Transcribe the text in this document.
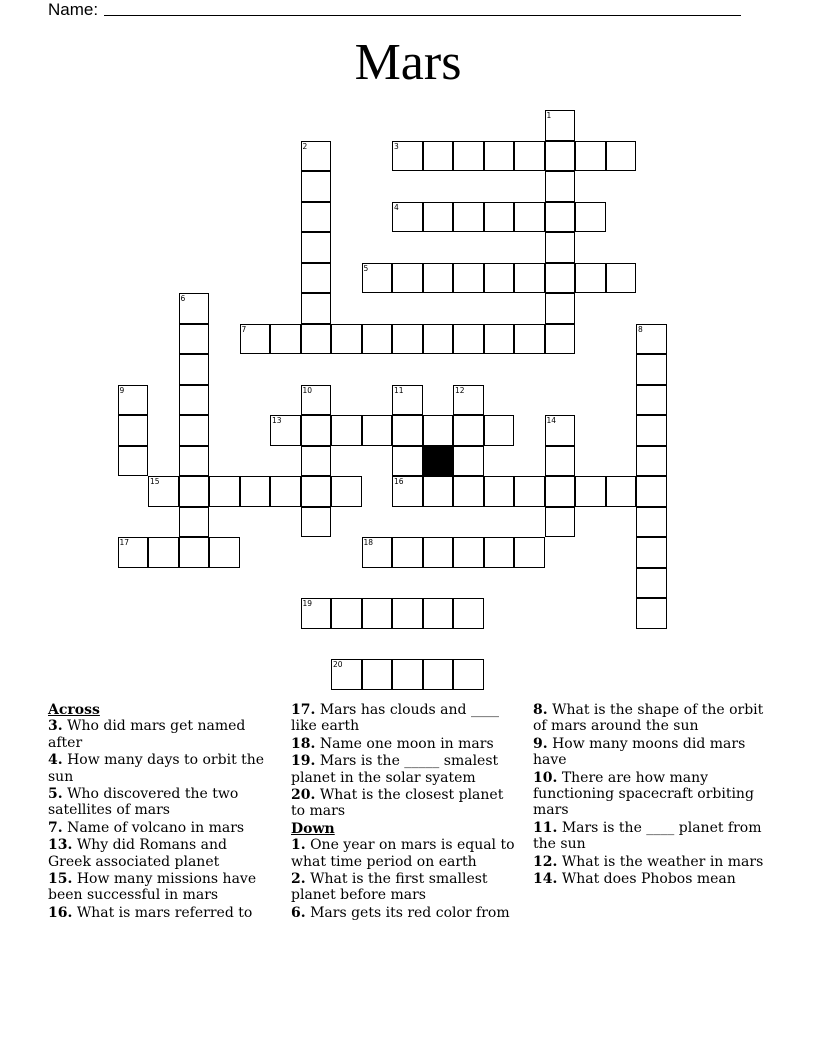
Name:
Mars
1
2	3
4
5
6
7	8
9	10	11
16
12
13	14
15
17	18
19
20

Across

3. Who did mars get named after

4. How many days to orbit the sun

5. Who discovered the two satellites of mars

7. Name of volcano in mars

13. Why did Romans and Greek associated planet

15. How many missions have been successful in mars

16. What is mars referred to

17. Mars has clouds and ____ like earth

18. Name one moon in mars

19. Mars is the _____ smalest planet in the solar syatem

20. What is the closest planet to mars

Down

1. One year on mars is equal to what time period on earth

2. What is the first smallest planet before mars

6. Mars gets its red color from

8. What is the shape of the orbit of mars around the sun

9. How many moons did mars have

10. There are how many functioning spacecraft orbiting mars

11. Mars is the ____ planet from the sun

12. What is the weather in mars

14. What does Phobos mean
